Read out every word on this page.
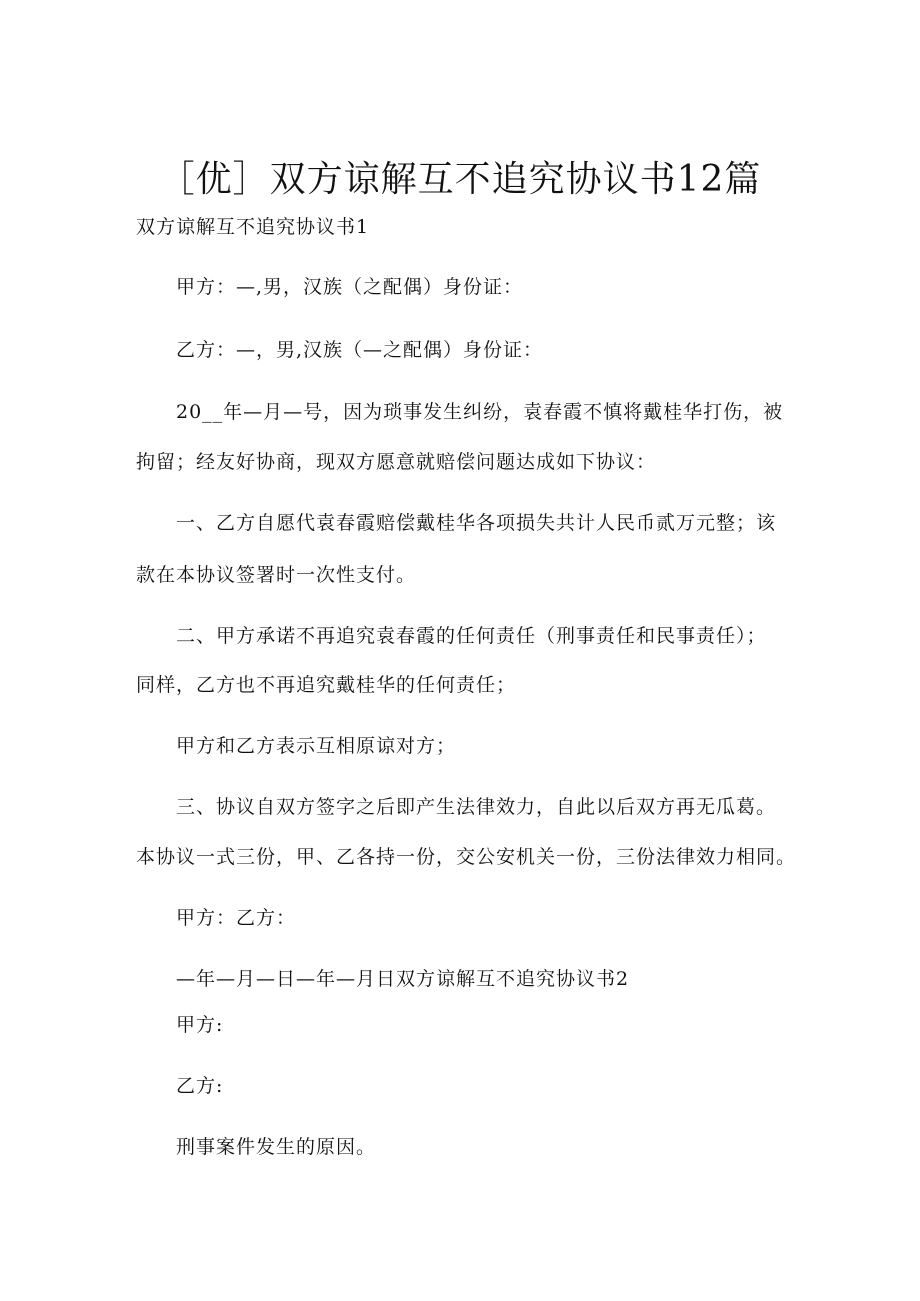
［优］双方谅解互不追究协议书12篇
双方谅解互不追究协议书1
甲方：—,男，汉族（之配偶）身份证：
乙方：—，男,汉族（—之配偶）身份证：
20__年—月—号，因为琐事发生纠纷，袁春霞不慎将戴桂华打伤，被
拘留；经友好协商，现双方愿意就赔偿问题达成如下协议：
一、乙方自愿代袁春霞赔偿戴桂华各项损失共计人民币贰万元整；该
款在本协议签署时一次性支付。
二、甲方承诺不再追究袁春霞的任何责任（刑事责任和民事责任）；
同样，乙方也不再追究戴桂华的任何责任；
甲方和乙方表示互相原谅对方；
三、协议自双方签字之后即产生法律效力，自此以后双方再无瓜葛。
本协议一式三份，甲、乙各持一份，交公安机关一份，三份法律效力相同。
甲方：乙方：
—年—月—日—年—月日双方谅解互不追究协议书2
甲方:
乙方:
刑事案件发生的原因。
